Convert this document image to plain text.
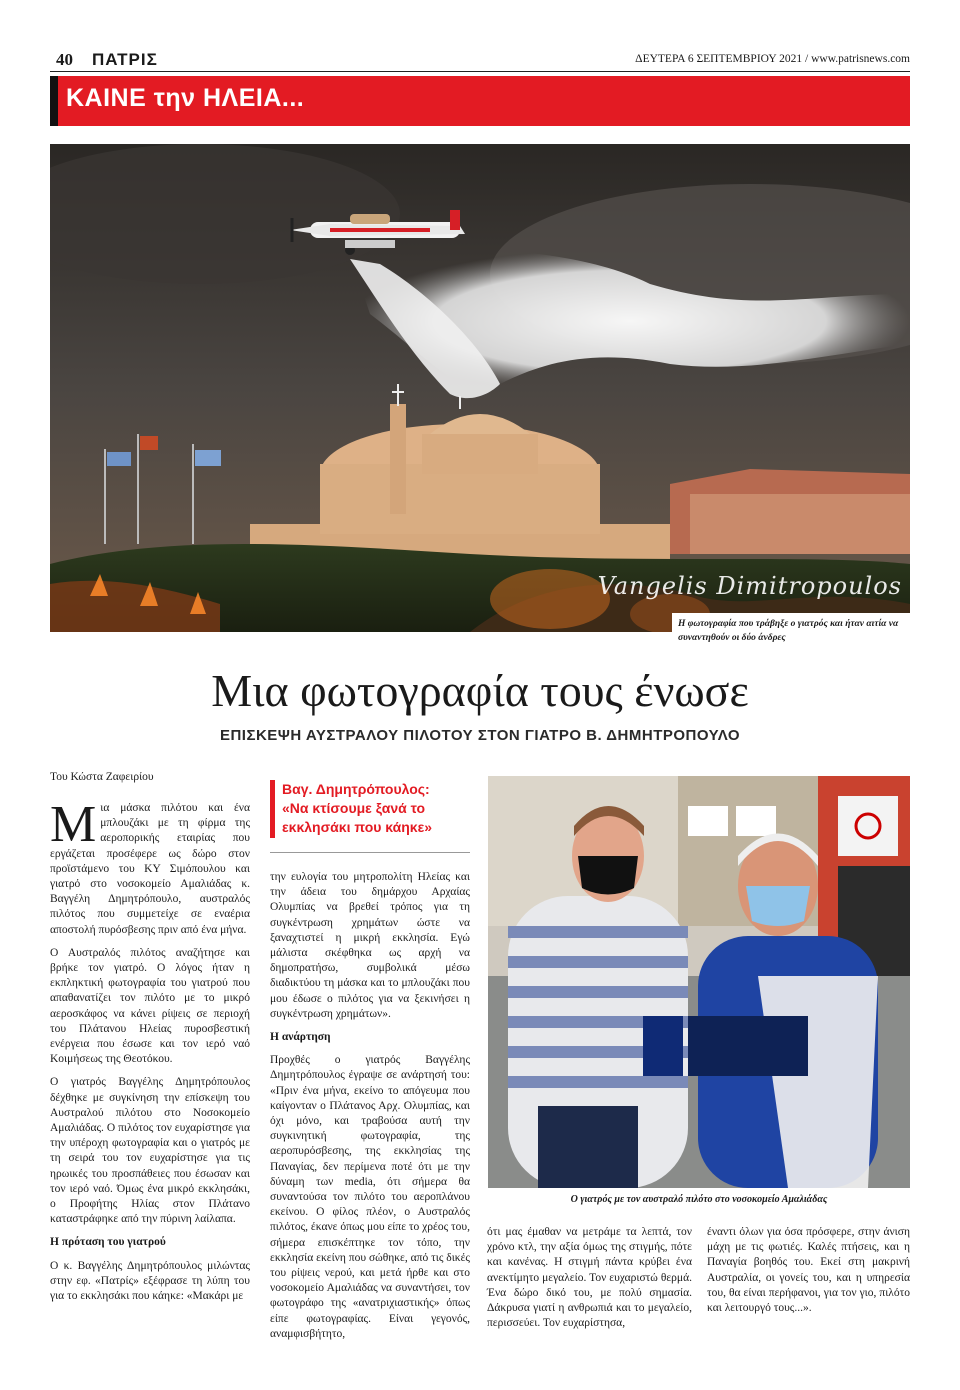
40 ΠΑΤΡΙΣ	ΔΕΥΤΕΡΑ 6 ΣΕΠΤΕΜΒΡΙΟΥ 2021 / www.patrisnews.com
ΚΑΙΝΕ την ΗΛΕΙΑ...
Vangelis Dimitropoulos
Η φωτογραφία που τράβηξε ο γιατρός και ήταν αιτία να συναντηθούν οι δύο άνδρες
Μια φωτογραφία τους ένωσε
ΕΠΙΣΚΕΨΗ ΑΥΣΤΡΑΛΟΥ ΠΙΛΟΤΟΥ ΣΤΟΝ ΓΙΑΤΡΟ Β. ΔΗΜΗΤΡΟΠΟΥΛΟ
Του Κώστα Ζαφειρίου

Μια μάσκα πιλότου και ένα μπλουζάκι με τη φίρμα της αεροπορικής εταιρίας που εργάζεται προσέφερε ως δώρο στον προϊστάμενο του ΚΥ Σιμόπουλου και γιατρό στο νοσοκομείο Αμαλιάδας κ. Βαγγέλη Δημητρόπουλο, αυστραλός πιλότος που συμμετείχε σε εναέρια αποστολή πυρόσβεσης πριν από ένα μήνα.

Ο Αυστραλός πιλότος αναζήτησε και βρήκε τον γιατρό. Ο λόγος ήταν η εκπληκτική φωτογραφία του γιατρού που απαθανατίζει τον πιλότο με το μικρό αεροσκάφος να κάνει ρίψεις σε περιοχή του Πλάτανου Ηλείας πυροσβεστική ενέργεια που έσωσε και τον ιερό ναό Κοιμήσεως της Θεοτόκου.

Ο γιατρός Βαγγέλης Δημητρόπουλος δέχθηκε με συγκίνηση την επίσκεψη του Αυστραλού πιλότου στο Νοσοκομείο Αμαλιάδας. Ο πιλότος τον ευχαρίστησε για την υπέροχη φωτογραφία και ο γιατρός με τη σειρά του τον ευχαρίστησε για τις ηρωικές του προσπάθειες που έσωσαν και τον ιερό ναό. Όμως ένα μικρό εκκλησάκι, ο Προφήτης Ηλίας στον Πλάτανο καταστράφηκε από την πύρινη λαίλαπα.

Η πρόταση του γιατρού

Ο κ. Βαγγέλης Δημητρόπουλος μιλώντας στην εφ. «Πατρίς» εξέφρασε τη λύπη του για το εκκλησάκι που κάηκε: «Μακάρι με

Βαγ. Δημητρόπουλος:
«Να κτίσουμε ξανά το εκκλησάκι που κάηκε»

την ευλογία του μητροπολίτη Ηλείας και την άδεια του δημάρχου Αρχαίας Ολυμπίας να βρεθεί τρόπος για τη συγκέντρωση χρημάτων ώστε να ξαναχτιστεί η μικρή εκκλησία. Εγώ μάλιστα σκέφθηκα ως αρχή να δημοπρατήσω, συμβολικά μέσω διαδικτύου τη μάσκα και το μπλουζάκι που μου έδωσε ο πιλότος για να ξεκινήσει η συγκέντρωση χρημάτων».

Η ανάρτηση

Προχθές ο γιατρός Βαγγέλης Δημητρόπουλος έγραψε σε ανάρτησή του: «Πριν ένα μήνα, εκείνο το απόγευμα που καίγονταν ο Πλάτανος Αρχ. Ολυμπίας, και όχι μόνο, και τραβούσα αυτή την συγκινητική φωτογραφία, της αεροπυρόσβεσης, της εκκλησίας της Παναγίας, δεν περίμενα ποτέ ότι με την δύναμη των media, ότι σήμερα θα συναντούσα τον πιλότο του αεροπλάνου εκείνου. Ο φίλος πλέον, ο Αυστραλός πιλότος, έκανε όπως μου είπε το χρέος του, σήμερα επισκέπτηκε τον τόπο, την εκκλησία εκείνη που σώθηκε, από τις δικές του ρίψεις νερού, και μετά ήρθε και στο νοσοκομείο Αμαλιάδας να συναντήσει, τον φωτογράφο της «ανατριχιαστικής» όπως είπε φωτογραφίας. Είναι γεγονός, αναμφισβήτητο,

Ο γιατρός με τον αυστραλό πιλότο στο νοσοκομείο Αμαλιάδας

ότι μας έμαθαν να μετράμε τα λεπτά, τον χρόνο κτλ, την αξία όμως της στιγμής, πότε και κανένας. Η στιγμή πάντα κρύβει ένα ανεκτίμητο μεγαλείο. Τον ευχαριστώ θερμά. Ένα δώρο δικό του, με πολύ σημασία. Δάκρυσα γιατί η ανθρωπιά και το μεγαλείο, περισσεύει. Τον ευχαρίστησα,

έναντι όλων για όσα πρόσφερε, στην άνιση μάχη με τις φωτιές. Καλές πτήσεις, και η Παναγία βοηθός του. Εκεί στη μακρινή Αυστραλία, οι γονείς του, και η υπηρεσία του, θα είναι περήφανοι, για τον γιο, πιλότο και λειτουργό τους...».
